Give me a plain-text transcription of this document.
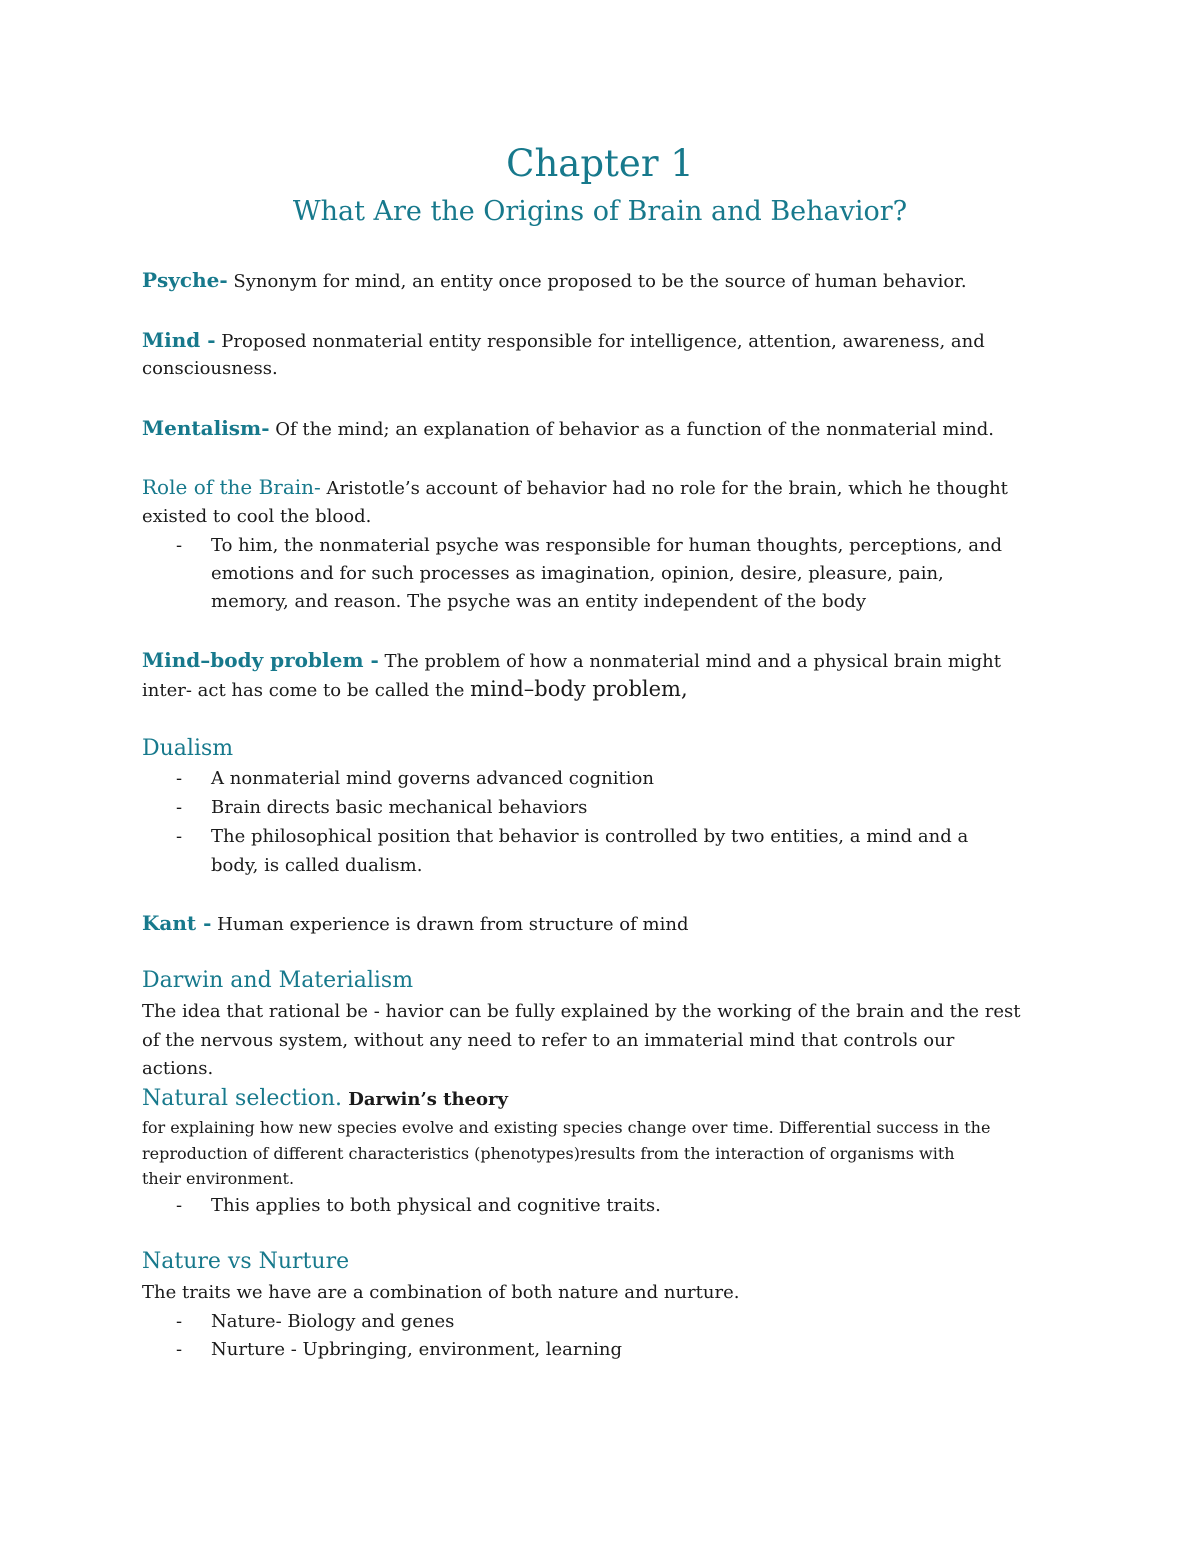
Chapter 1
What Are the Origins of Brain and Behavior?
Psyche- Synonym for mind, an entity once proposed to be the source of human behavior.
Mind - Proposed nonmaterial entity responsible for intelligence, attention, awareness, and
consciousness.
Mentalism- Of the mind; an explanation of behavior as a function of the nonmaterial mind.
Role of the Brain- Aristotle’s account of behavior had no role for the brain, which he thought
existed to cool the blood.
- To him, the nonmaterial psyche was responsible for human thoughts, perceptions, and
emotions and for such processes as imagination, opinion, desire, pleasure, pain,
memory, and reason. The psyche was an entity independent of the body
Mind–body problem - The problem of how a nonmaterial mind and a physical brain might
inter- act has come to be called the mind–body problem,
Dualism
- A nonmaterial mind governs advanced cognition
- Brain directs basic mechanical behaviors
- The philosophical position that behavior is controlled by two entities, a mind and a
body, is called dualism.
Kant - Human experience is drawn from structure of mind
Darwin and Materialism
The idea that rational be - havior can be fully explained by the working of the brain and the rest
of the nervous system, without any need to refer to an immaterial mind that controls our
actions.
Natural selection. Darwin’s theory
for explaining how new species evolve and existing species change over time. Differential success in the
reproduction of different characteristics (phenotypes)results from the interaction of organisms with
their environment.
- This applies to both physical and cognitive traits.
Nature vs Nurture
The traits we have are a combination of both nature and nurture.
- Nature- Biology and genes
- Nurture - Upbringing, environment, learning
